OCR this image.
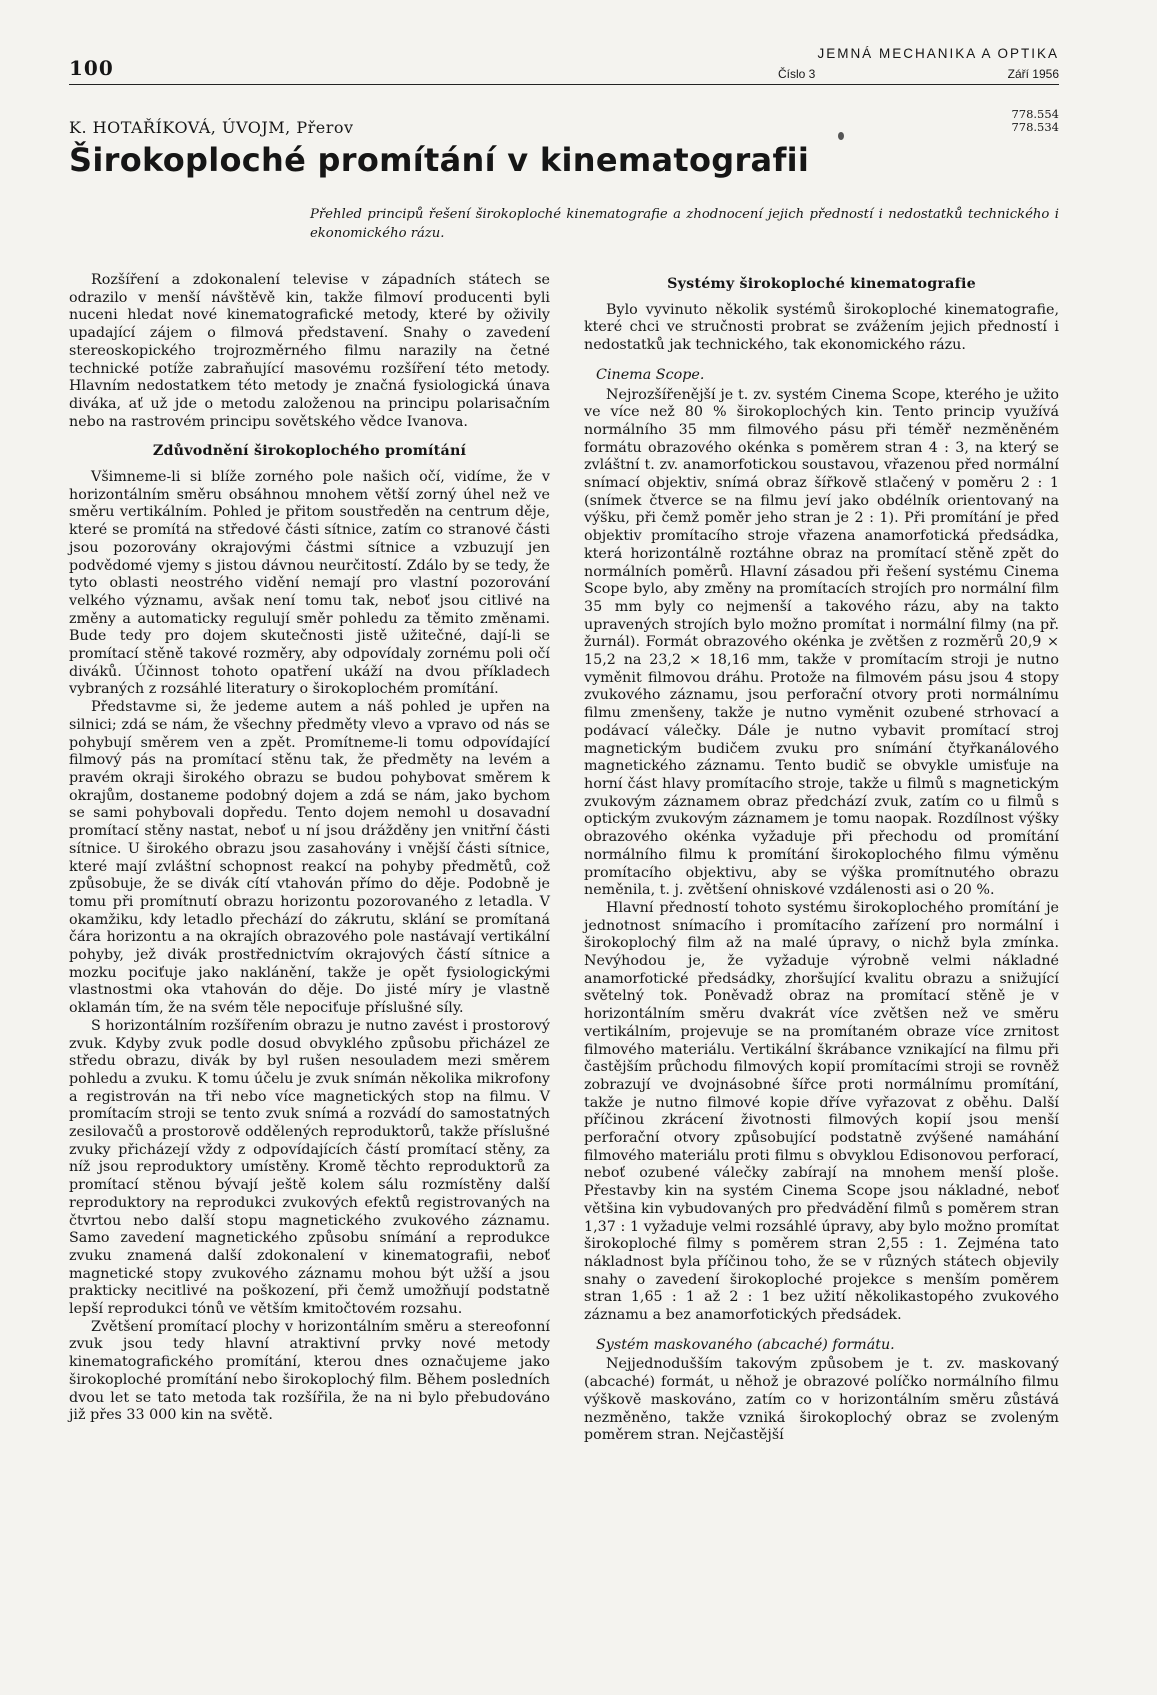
100
JEMNÁ MECHANIKA A OPTIKA
Číslo 3	Září 1956
K. HOTAŘÍKOVÁ, ÚVOJM, Přerov
Širokoploché promítání v kinematografii
778.554
778.534
Přehled principů řešení širokoploché kinematografie a zhodnocení jejich předností i nedostatků technického i ekonomického rázu.

Rozšíření a zdokonalení televise v západních státech se odrazilo v menší návštěvě kin, takže filmoví producenti byli nuceni hledat nové kinematografické metody, které by oživily upadající zájem o filmová představení. Snahy o zavedení stereoskopického trojrozměrného filmu narazily na četné technické potíže zabraňující masovému rozšíření této metody. Hlavním nedostatkem této metody je značná fysiologická únava diváka, ať už jde o metodu založenou na principu polarisačním nebo na rastrovém principu sovětského vědce Ivanova.

Zdůvodnění širokoplochého promítání

Všimneme-li si blíže zorného pole našich očí, vidíme, že v horizontálním směru obsáhnou mnohem větší zorný úhel než ve směru vertikálním. Pohled je přitom soustředěn na centrum děje, které se promítá na středové části sítnice, zatím co stranové části jsou pozorovány okrajovými částmi sítnice a vzbuzují jen podvědomé vjemy s jistou dávnou neurčitostí. Zdálo by se tedy, že tyto oblasti neostrého vidění nemají pro vlastní pozorování velkého významu, avšak není tomu tak, neboť jsou citlivé na změny a automaticky regulují směr pohledu za těmito změnami. Bude tedy pro dojem skutečnosti jistě užitečné, dají-li se promítací stěně takové rozměry, aby odpovídaly zornému poli očí diváků. Účinnost tohoto opatření ukáží na dvou příkladech vybraných z rozsáhlé literatury o širokoplochém promítání.

Představme si, že jedeme autem a náš pohled je upřen na silnici; zdá se nám, že všechny předměty vlevo a vpravo od nás se pohybují směrem ven a zpět. Promítneme-li tomu odpovídající filmový pás na promítací stěnu tak, že předměty na levém a pravém okraji širokého obrazu se budou pohybovat směrem k okrajům, dostaneme podobný dojem a zdá se nám, jako bychom se sami pohybovali dopředu. Tento dojem nemohl u dosavadní promítací stěny nastat, neboť u ní jsou drážděny jen vnitřní části sítnice. U širokého obrazu jsou zasahovány i vnější části sítnice, které mají zvláštní schopnost reakcí na pohyby předmětů, což způsobuje, že se divák cítí vtahován přímo do děje. Podobně je tomu při promítnutí obrazu horizontu pozorovaného z letadla. V okamžiku, kdy letadlo přechází do zákrutu, sklání se promítaná čára horizontu a na okrajích obrazového pole nastávají vertikální pohyby, jež divák prostřednictvím okrajových částí sítnice a mozku pociťuje jako naklánění, takže je opět fysiologickými vlastnostmi oka vtahován do děje. Do jisté míry je vlastně oklamán tím, že na svém těle nepociťuje příslušné síly.

S horizontálním rozšířením obrazu je nutno zavést i prostorový zvuk. Kdyby zvuk podle dosud obvyklého způsobu přicházel ze středu obrazu, divák by byl rušen nesouladem mezi směrem pohledu a zvuku. K tomu účelu je zvuk snímán několika mikrofony a registrován na tři nebo více magnetických stop na filmu. V promítacím stroji se tento zvuk snímá a rozvádí do samostatných zesilovačů a prostorově oddělených reproduktorů, takže příslušné zvuky přicházejí vždy z odpovídajících částí promítací stěny, za níž jsou reproduktory umístěny. Kromě těchto reproduktorů za promítací stěnou bývají ještě kolem sálu rozmístěny další reproduktory na reprodukci zvukových efektů registrovaných na čtvrtou nebo další stopu magnetického zvukového záznamu. Samo zavedení magnetického způsobu snímání a reprodukce zvuku znamená další zdokonalení v kinematografii, neboť magnetické stopy zvukového záznamu mohou být užší a jsou prakticky necitlivé na poškození, při čemž umožňují podstatně lepší reprodukci tónů ve větším kmitočtovém rozsahu.

Zvětšení promítací plochy v horizontálním směru a stereofonní zvuk jsou tedy hlavní atraktivní prvky nové metody kinematografického promítání, kterou dnes označujeme jako širokoploché promítání nebo širokoplochý film. Během posledních dvou let se tato metoda tak rozšířila, že na ni bylo přebudováno již přes 33 000 kin na světě.

Systémy širokoploché kinematografie

Bylo vyvinuto několik systémů širokoploché kinematografie, které chci ve stručnosti probrat se zvážením jejich předností i nedostatků jak technického, tak ekonomického rázu.

Cinema Scope.

Nejrozšířenější je t. zv. systém Cinema Scope, kterého je užito ve více než 80 % širokoplochých kin. Tento princip využívá normálního 35 mm filmového pásu při téměř nezměněném formátu obrazového okénka s poměrem stran 4 : 3, na který se zvláštní t. zv. anamorfotickou soustavou, vřazenou před normální snímací objektiv, snímá obraz šířkově stlačený v poměru 2 : 1 (snímek čtverce se na filmu jeví jako obdélník orientovaný na výšku, při čemž poměr jeho stran je 2 : 1). Při promítání je před objektiv promítacího stroje vřazena anamorfotická předsádka, která horizontálně roztáhne obraz na promítací stěně zpět do normálních poměrů. Hlavní zásadou při řešení systému Cinema Scope bylo, aby změny na promítacích strojích pro normální film 35 mm byly co nejmenší a takového rázu, aby na takto upravených strojích bylo možno promítat i normální filmy (na př. žurnál). Formát obrazového okénka je zvětšen z rozměrů 20,9 × 15,2 na 23,2 × 18,16 mm, takže v promítacím stroji je nutno vyměnit filmovou dráhu. Protože na filmovém pásu jsou 4 stopy zvukového záznamu, jsou perforační otvory proti normálnímu filmu zmenšeny, takže je nutno vyměnit ozubené strhovací a podávací válečky. Dále je nutno vybavit promítací stroj magnetickým budičem zvuku pro snímání čtyřkanálového magnetického záznamu. Tento budič se obvykle umisťuje na horní část hlavy promítacího stroje, takže u filmů s magnetickým zvukovým záznamem obraz předchází zvuk, zatím co u filmů s optickým zvukovým záznamem je tomu naopak. Rozdílnost výšky obrazového okénka vyžaduje při přechodu od promítání normálního filmu k promítání širokoplochého filmu výměnu promítacího objektivu, aby se výška promítnutého obrazu neměnila, t. j. zvětšení ohniskové vzdálenosti asi o 20 %.

Hlavní předností tohoto systému širokoplochého promítání je jednotnost snímacího i promítacího zařízení pro normální i širokoplochý film až na malé úpravy, o nichž byla zmínka. Nevýhodou je, že vyžaduje výrobně velmi nákladné anamorfotické předsádky, zhoršující kvalitu obrazu a snižující světelný tok. Poněvadž obraz na promítací stěně je v horizontálním směru dvakrát více zvětšen než ve směru vertikálním, projevuje se na promítaném obraze více zrnitost filmového materiálu. Vertikální škrábance vznikající na filmu při častějším průchodu filmových kopií promítacími stroji se rovněž zobrazují ve dvojnásobné šířce proti normálnímu promítání, takže je nutno filmové kopie dříve vyřazovat z oběhu. Další příčinou zkrácení životnosti filmových kopií jsou menší perforační otvory způsobující podstatně zvýšené namáhání filmového materiálu proti filmu s obvyklou Edisonovou perforací, neboť ozubené válečky zabírají na mnohem menší ploše. Přestavby kin na systém Cinema Scope jsou nákladné, neboť většina kin vybudovaných pro předvádění filmů s poměrem stran 1,37 : 1 vyžaduje velmi rozsáhlé úpravy, aby bylo možno promítat širokoploché filmy s poměrem stran 2,55 : 1. Zejména tato nákladnost byla příčinou toho, že se v různých státech objevily snahy o zavedení širokoploché projekce s menším poměrem stran 1,65 : 1 až 2 : 1 bez užití několikastopého zvukového záznamu a bez anamorfotických předsádek.

Systém maskovaného (abcaché) formátu.

Nejjednodušším takovým způsobem je t. zv. maskovaný (abcaché) formát, u něhož je obrazové políčko normálního filmu výškově maskováno, zatím co v horizontálním směru zůstává nezměněno, takže vzniká širokoplochý obraz se zvoleným poměrem stran. Nejčastější
